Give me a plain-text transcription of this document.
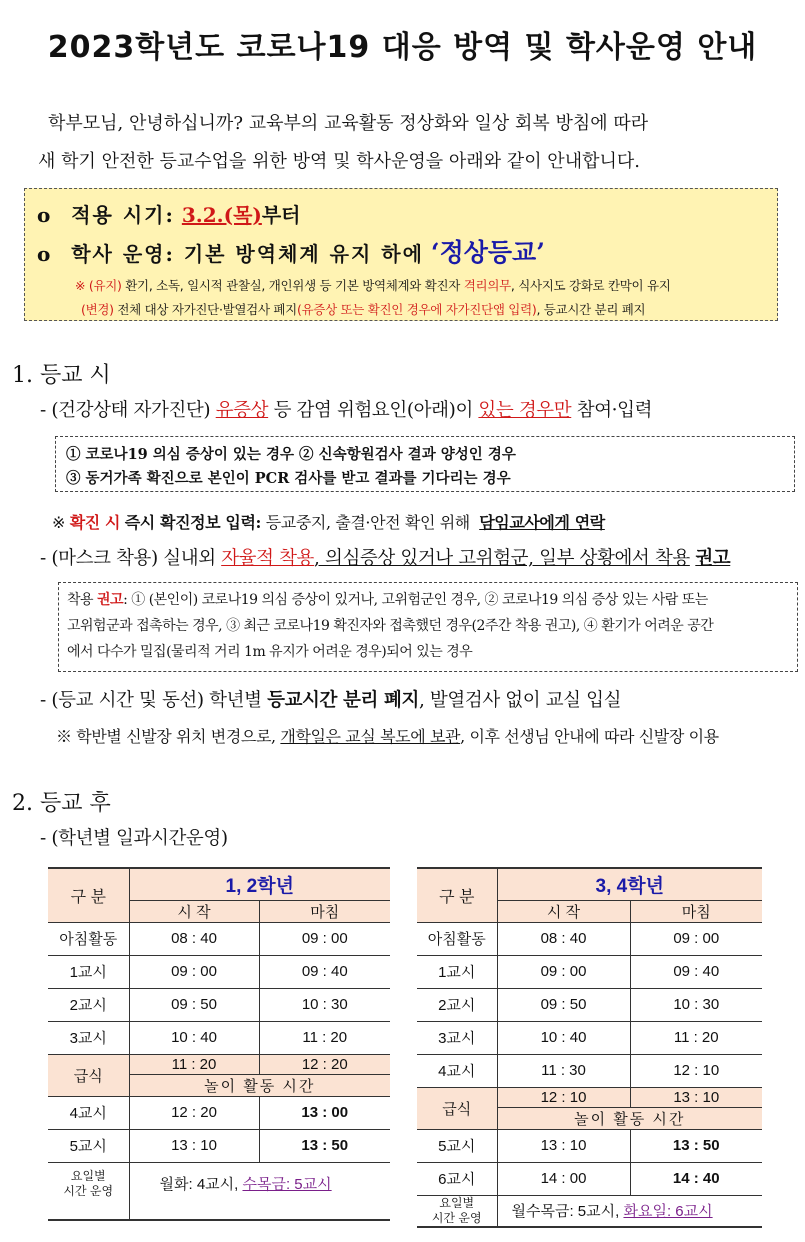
2023학년도 코로나19 대응 방역 및 학사운영 안내
학부모님, 안녕하십니까? 교육부의 교육활동 정상화와 일상 회복 방침에 따라
새 학기 안전한 등교수업을 위한 방역 및 학사운영을 아래와 같이 안내합니다.
o 적용 시기: 3.2.(목)부터
o 학사 운영: 기본 방역체계 유지 하에 ‘정상등교’
※ (유지) 환기, 소독, 일시적 관찰실, 개인위생 등 기본 방역체계와 확진자 격리의무, 식사지도 강화로 칸막이 유지
(변경) 전체 대상 자가진단·발열검사 폐지(유증상 또는 확진인 경우에 자가진단앱 입력), 등교시간 분리 폐지
1. 등교 시
- (건강상태 자가진단) 유증상 등 감염 위험요인(아래)이 있는 경우만 참여·입력
① 코로나19 의심 증상이 있는 경우 ② 신속항원검사 결과 양성인 경우
③ 동거가족 확진으로 본인이 PCR 검사를 받고 결과를 기다리는 경우
※ 확진 시 즉시 확진정보 입력: 등교중지, 출결·안전 확인 위해 담임교사에게 연락
- (마스크 착용) 실내외 자율적 착용, 의심증상 있거나 고위험군, 일부 상황에서 착용 권고
착용 권고: ① (본인이) 코로나19 의심 증상이 있거나, 고위험군인 경우, ② 코로나19 의심 증상 있는 사람 또는
고위험군과 접촉하는 경우, ③ 최근 코로나19 확진자와 접촉했던 경우(2주간 착용 권고), ④ 환기가 어려운 공간
에서 다수가 밀집(물리적 거리 1m 유지가 어려운 경우)되어 있는 경우
- (등교 시간 및 동선) 학년별 등교시간 분리 폐지, 발열검사 없이 교실 입실
※ 학반별 신발장 위치 변경으로, 개학일은 교실 복도에 보관, 이후 선생님 안내에 따라 신발장 이용
2. 등교 후
- (학년별 일과시간운영)
구 분	1, 2학년	
	시 작	마침
아침활동	08 : 40	09 : 00
1교시	09 : 00	09 : 40
2교시	09 : 50	10 : 30
3교시	10 : 40	11 : 20
급식	11 : 20	12 : 20
	놀이 활동 시간	
4교시	12 : 20	13 : 00
5교시	13 : 10	13 : 50
요일별
시간 운영	월화: 4교시, 수목금: 5교시	
구 분	3, 4학년	
	시 작	마침
아침활동	08 : 40	09 : 00
1교시	09 : 00	09 : 40
2교시	09 : 50	10 : 30
3교시	10 : 40	11 : 20
4교시	11 : 30	12 : 10
급식	12 : 10	13 : 10
	놀이 활동 시간	
5교시	13 : 10	13 : 50
6교시	14 : 00	14 : 40
요일별
시간 운영	월수목금: 5교시, 화요일: 6교시	
